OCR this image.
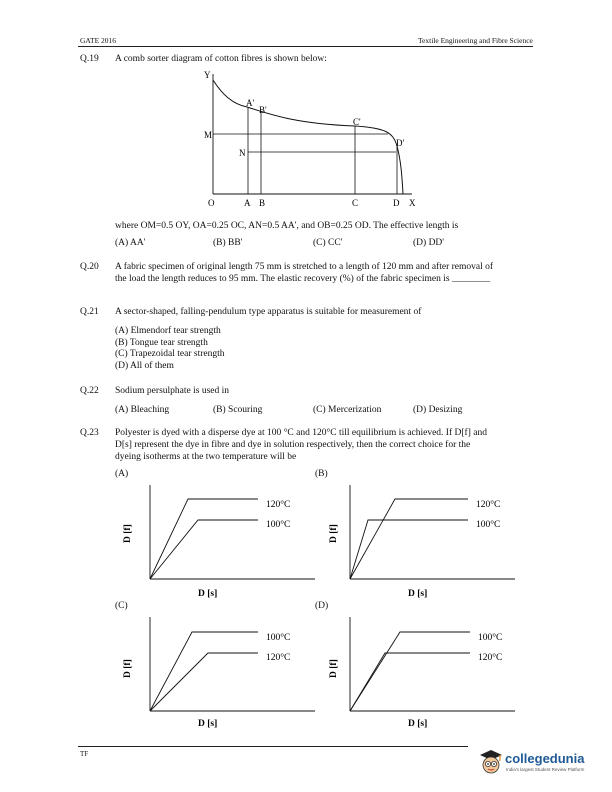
GATE 2016	Textile Engineering and Fibre Science
Q.19 A comb sorter diagram of cotton fibres is shown below:
Y
M
N
A'
B'
C'
D'
O	A B	C	D X
where OM=0.5 OY, OA=0.25 OC, AN=0.5 AA', and OB=0.25 OD. The effective length is
(A) AA'	(B) BB'	(C) CC'	(D) DD'
Q.20 A fabric specimen of original length 75 mm is stretched to a length of 120 mm and after removal of
the load the length reduces to 95 mm. The elastic recovery (%) of the fabric specimen is ________
Q.21 A sector-shaped, falling-pendulum type apparatus is suitable for measurement of
(A) Elmendorf tear strength
(B) Tongue tear strength
(C) Trapezoidal tear strength
(D) All of them
Q.22 Sodium persulphate is used in
(A) Bleaching	(B) Scouring	(C) Mercerization	(D) Desizing
Q.23 Polyester is dyed with a disperse dye at 100 °C and 120°C till equilibrium is achieved. If D[f] and
D[s] represent the dye in fibre and dye in solution respectively, then the correct choice for the
dyeing isotherms at the two temperature will be
(A)
120°C
100°C
D [f]
D [s]
(B)
120°C
100°C
D [f]
D [s]
(C)
100°C
120°C
D [f]
D [s]
(D)
100°C
120°C
D [f]
D [s]
TF	collegedunia
India's largest Student Review Platform
